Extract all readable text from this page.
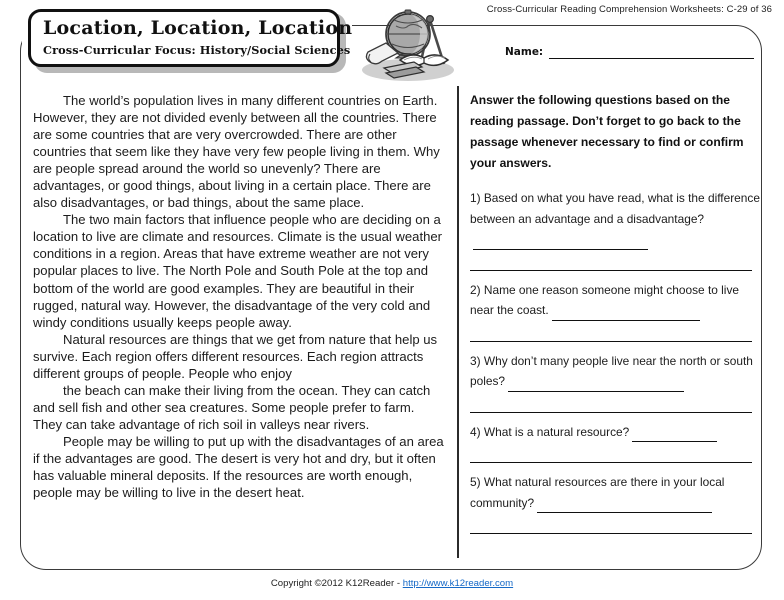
Cross-Curricular Reading Comprehension Worksheets: C-29 of 36
Location, Location, Location
Cross-Curricular Focus: History/Social Sciences	Name:

The world’s population lives in many different countries on Earth. However, they are not divided evenly between all the countries. There are some countries that are very overcrowded. There are other countries that seem like they have very few people living in them. Why are people spread around the world so unevenly? There are advantages, or good things, about living in a certain place. There are also disadvantages, or bad things, about the same place.

The two main factors that influence people who are deciding on a location to live are climate and resources. Climate is the usual weather conditions in a region. Areas that have extreme weather are not very popular places to live. The North Pole and South Pole at the top and bottom of the world are good examples. They are beautiful in their rugged, natural way. However, the disadvantage of the very cold and windy conditions usually keeps people away.

Natural resources are things that we get from nature that help us survive. Each region offers different resources. Each region attracts different groups of people. People who enjoy

the beach can make their living from the ocean. They can catch and sell fish and other sea creatures. Some people prefer to farm. They can take advantage of rich soil in valleys near rivers.

People may be willing to put up with the disadvantages of an area if the advantages are good. The desert is very hot and dry, but it often has valuable mineral deposits. If the resources are worth enough, people may be willing to live in the desert heat.

Answer the following questions based on the reading passage. Don’t forget to go back to the passage whenever necessary to find or confirm your answers.
1) Based on what you have read, what is the difference between an advantage and a disadvantage?
2) Name one reason someone might choose to live near the coast.
3) Why don’t many people live near the north or south poles?
4) What is a natural resource?
5) What natural resources are there in your local community?
Copyright ©2012 K12Reader - http://www.k12reader.com
